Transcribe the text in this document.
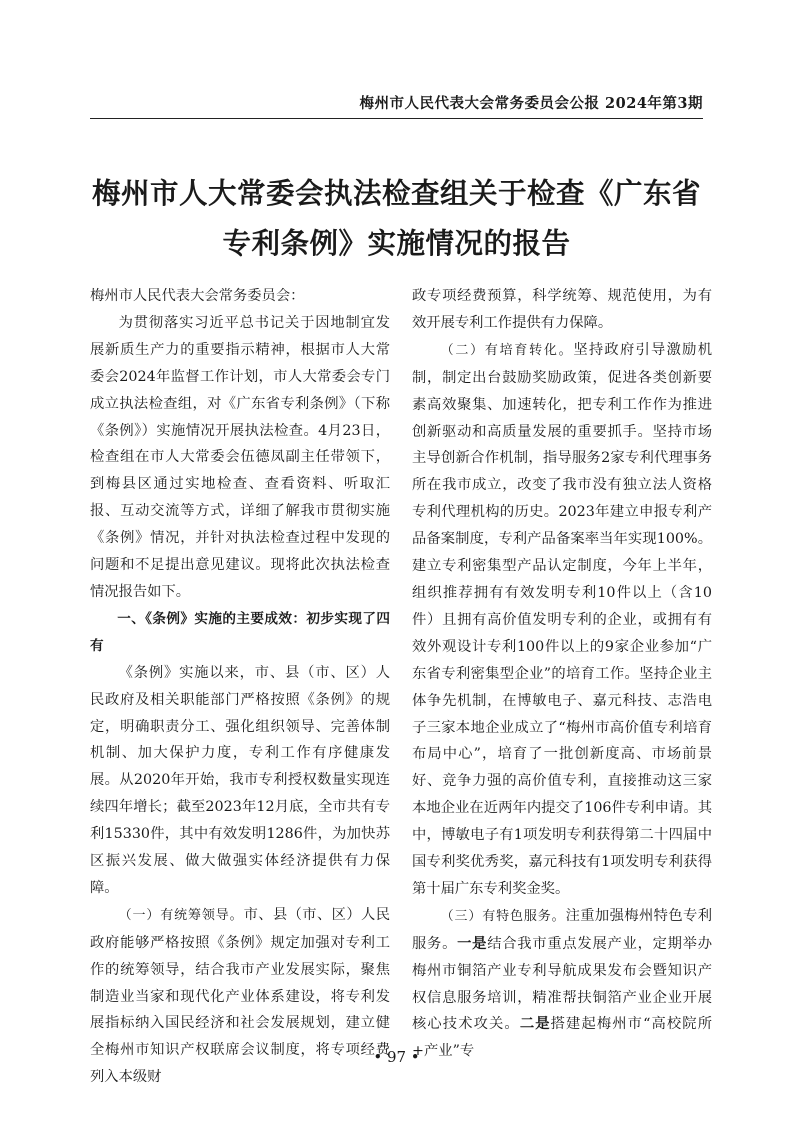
梅州市人民代表大会常务委员会公报 2024年第3期
梅州市人大常委会执法检查组关于检查《广东省
专利条例》实施情况的报告

梅州市人民代表大会常务委员会：

为贯彻落实习近平总书记关于因地制宜发展新质生产力的重要指示精神，根据市人大常委会2024年监督工作计划，市人大常委会专门成立执法检查组，对《广东省专利条例》（下称《条例》）实施情况开展执法检查。4月23日，检查组在市人大常委会伍德凤副主任带领下，到梅县区通过实地检查、查看资料、听取汇报、互动交流等方式，详细了解我市贯彻实施《条例》情况，并针对执法检查过程中发现的问题和不足提出意见建议。现将此次执法检查情况报告如下。

一、《条例》实施的主要成效：初步实现了四有

《条例》实施以来，市、县（市、区）人民政府及相关职能部门严格按照《条例》的规定，明确职责分工、强化组织领导、完善体制机制、加大保护力度，专利工作有序健康发展。从2020年开始，我市专利授权数量实现连续四年增长；截至2023年12月底，全市共有专利15330件，其中有效发明1286件，为加快苏区振兴发展、做大做强实体经济提供有力保障。

（一）有统筹领导。市、县（市、区）人民政府能够严格按照《条例》规定加强对专利工作的统筹领导，结合我市产业发展实际，聚焦制造业当家和现代化产业体系建设，将专利发展指标纳入国民经济和社会发展规划，建立健全梅州市知识产权联席会议制度，将专项经费列入本级财

政专项经费预算，科学统筹、规范使用，为有效开展专利工作提供有力保障。

（二）有培育转化。坚持政府引导激励机制，制定出台鼓励奖励政策，促进各类创新要素高效聚集、加速转化，把专利工作作为推进创新驱动和高质量发展的重要抓手。坚持市场主导创新合作机制，指导服务2家专利代理事务所在我市成立，改变了我市没有独立法人资格专利代理机构的历史。2023年建立申报专利产品备案制度，专利产品备案率当年实现100%。建立专利密集型产品认定制度，今年上半年，组织推荐拥有有效发明专利10件以上（含10件）且拥有高价值发明专利的企业，或拥有有效外观设计专利100件以上的9家企业参加“广东省专利密集型企业”的培育工作。坚持企业主体争先机制，在博敏电子、嘉元科技、志浩电子三家本地企业成立了“梅州市高价值专利培育布局中心”，培育了一批创新度高、市场前景好、竞争力强的高价值专利，直接推动这三家本地企业在近两年内提交了106件专利申请。其中，博敏电子有1项发明专利获得第二十四届中国专利奖优秀奖，嘉元科技有1项发明专利获得第十届广东专利奖金奖。

（三）有特色服务。注重加强梅州特色专利服务。一是结合我市重点发展产业，定期举办梅州市铜箔产业专利导航成果发布会暨知识产权信息服务培训，精准帮扶铜箔产业企业开展核心技术攻关。二是搭建起梅州市“高校院所+产业”专

• 97 •
